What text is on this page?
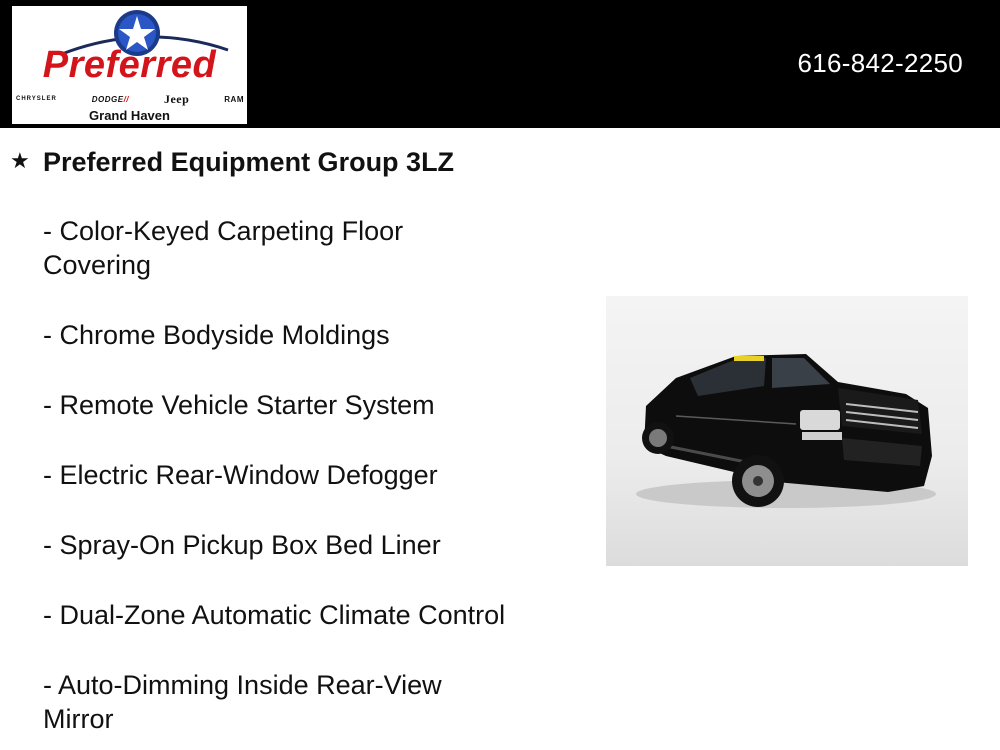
Preferred
CHRYSLER	DODGE//	Jeep	RAM
Grand Haven
616-842-2250
★ Preferred Equipment Group 3LZ
- Color-Keyed Carpeting Floor Covering
- Chrome Bodyside Moldings
- Remote Vehicle Starter System
- Electric Rear-Window Defogger
- Spray-On Pickup Box Bed Liner
- Dual-Zone Automatic Climate Control
- Auto-Dimming Inside Rear-View Mirror
